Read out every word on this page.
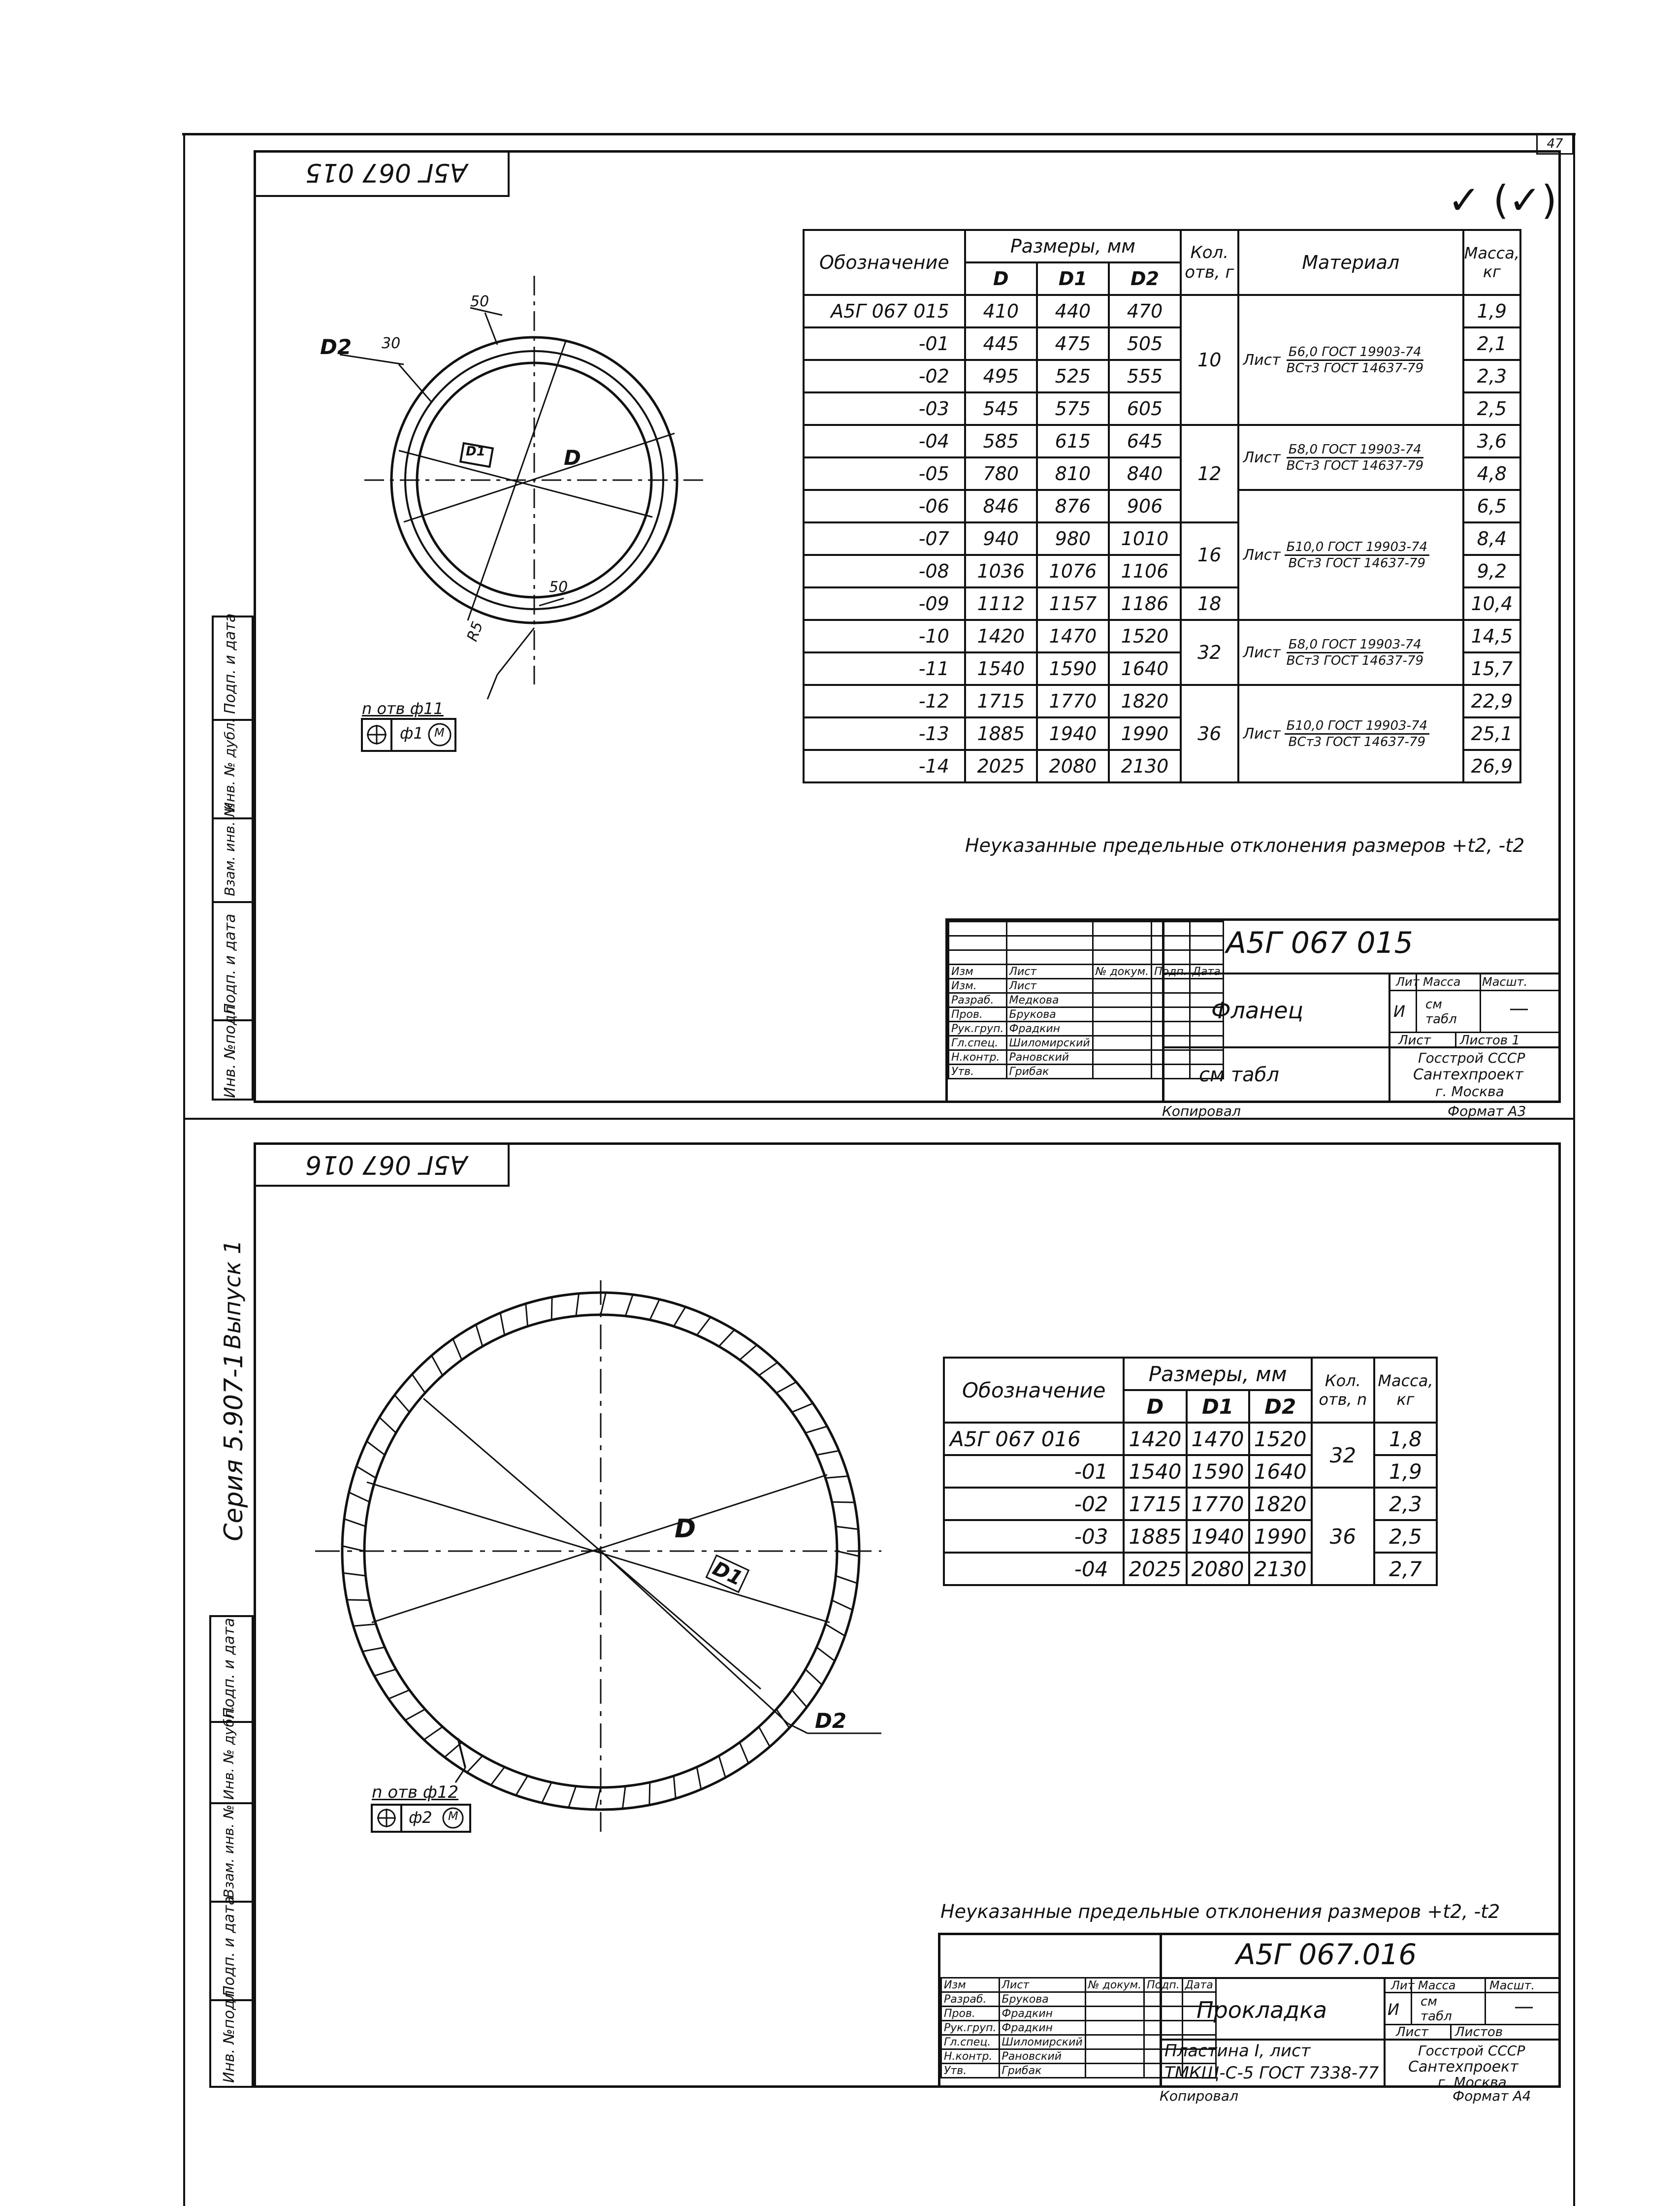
47
Подп. и дата
Инв. № дубл.
Взам. инв. №
Подп. и дата
Инв. №подл
А5Г 067 015
✓ (✓)
D2 30
50
D
D1
50
R5
n отв ф11
ф1 M
Обозначение	Размеры, мм			Кол. отв, г	Материал	Масса, кг
	D	D1	D2			
А5Г 067 015	410	440	470	10	Лист Б6,0 ГОСТ 19903-74
ВСт3 ГОСТ 14637-79	1,9
-01	445	475	505			2,1
-02	495	525	555			2,3
-03	545	575	605			2,5
-04	585	615	645	12	Лист Б8,0 ГОСТ 19903-74
ВСт3 ГОСТ 14637-79	3,6
-05	780	810	840			4,8
-06	846	876	906		Лист Б10,0 ГОСТ 19903-74
ВСт3 ГОСТ 14637-79	6,5
-07	940	980	1010	16		8,4
-08	1036	1076	1106			9,2
-09	1112	1157	1186	18		10,4
-10	1420	1470	1520	32	Лист Б8,0 ГОСТ 19903-74
ВСт3 ГОСТ 14637-79	14,5
-11	1540	1590	1640			15,7
-12	1715	1770	1820	36	Лист Б10,0 ГОСТ 19903-74
ВСт3 ГОСТ 14637-79	22,9
-13	1885	1940	1990			25,1
-14	2025	2080	2130			26,9
Неуказанные предельные отклонения размеров +t2, -t2
А5Г 067 015
Фланец
см табл
Лит Масса Масшт.
И см табл	—
Лист Листов 1
Госстрой СССР
Сантехпроект
г. Москва
Копировал	Формат А3

Изм	Лист	№ докум.	Подп.	Дата
Изм.	Лист			
Разраб.	Медкова			
Пров.	Брукова			
Рук.груп.	Фрадкин			
Гл.спец.	Шиломирский			
Н.контр.	Рановский			
Утв.	Грибак			
Подп. и дата
Инв. № дубл.
Взам. инв. №
Подп. и дата
Инв. №подл
Серия 5.907-1
Выпуск 1
А5Г 067 016
D
D1
D2
n отв ф12
ф2 M
Обозначение	Размеры, мм			Кол. отв, n	Масса, кг
	D	D1	D2		
А5Г 067 016	1420	1470	1520	32	1,8
-01	1540	1590	1640		1,9
-02	1715	1770	1820	36	2,3
-03	1885	1940	1990		2,5
-04	2025	2080	2130		2,7
Неуказанные предельные отклонения размеров +t2, -t2
А5Г 067.016
Прокладка
Пластина I, лист
ТМКЩ-С-5 ГОСТ 7338-77
Лит Масса	Масшт.
И см табл	—
Лист Листов
Госстрой СССР
Сантехпроект
г. Москва
Копировал	Формат А4
Изм	Лист	№ докум.	Подп.	Дата
Разраб.	Брукова			
Пров.	Фрадкин			
Рук.груп.	Фрадкин			
Гл.спец.	Шиломирский			
Н.контр.	Рановский			
Утв.	Грибак			
